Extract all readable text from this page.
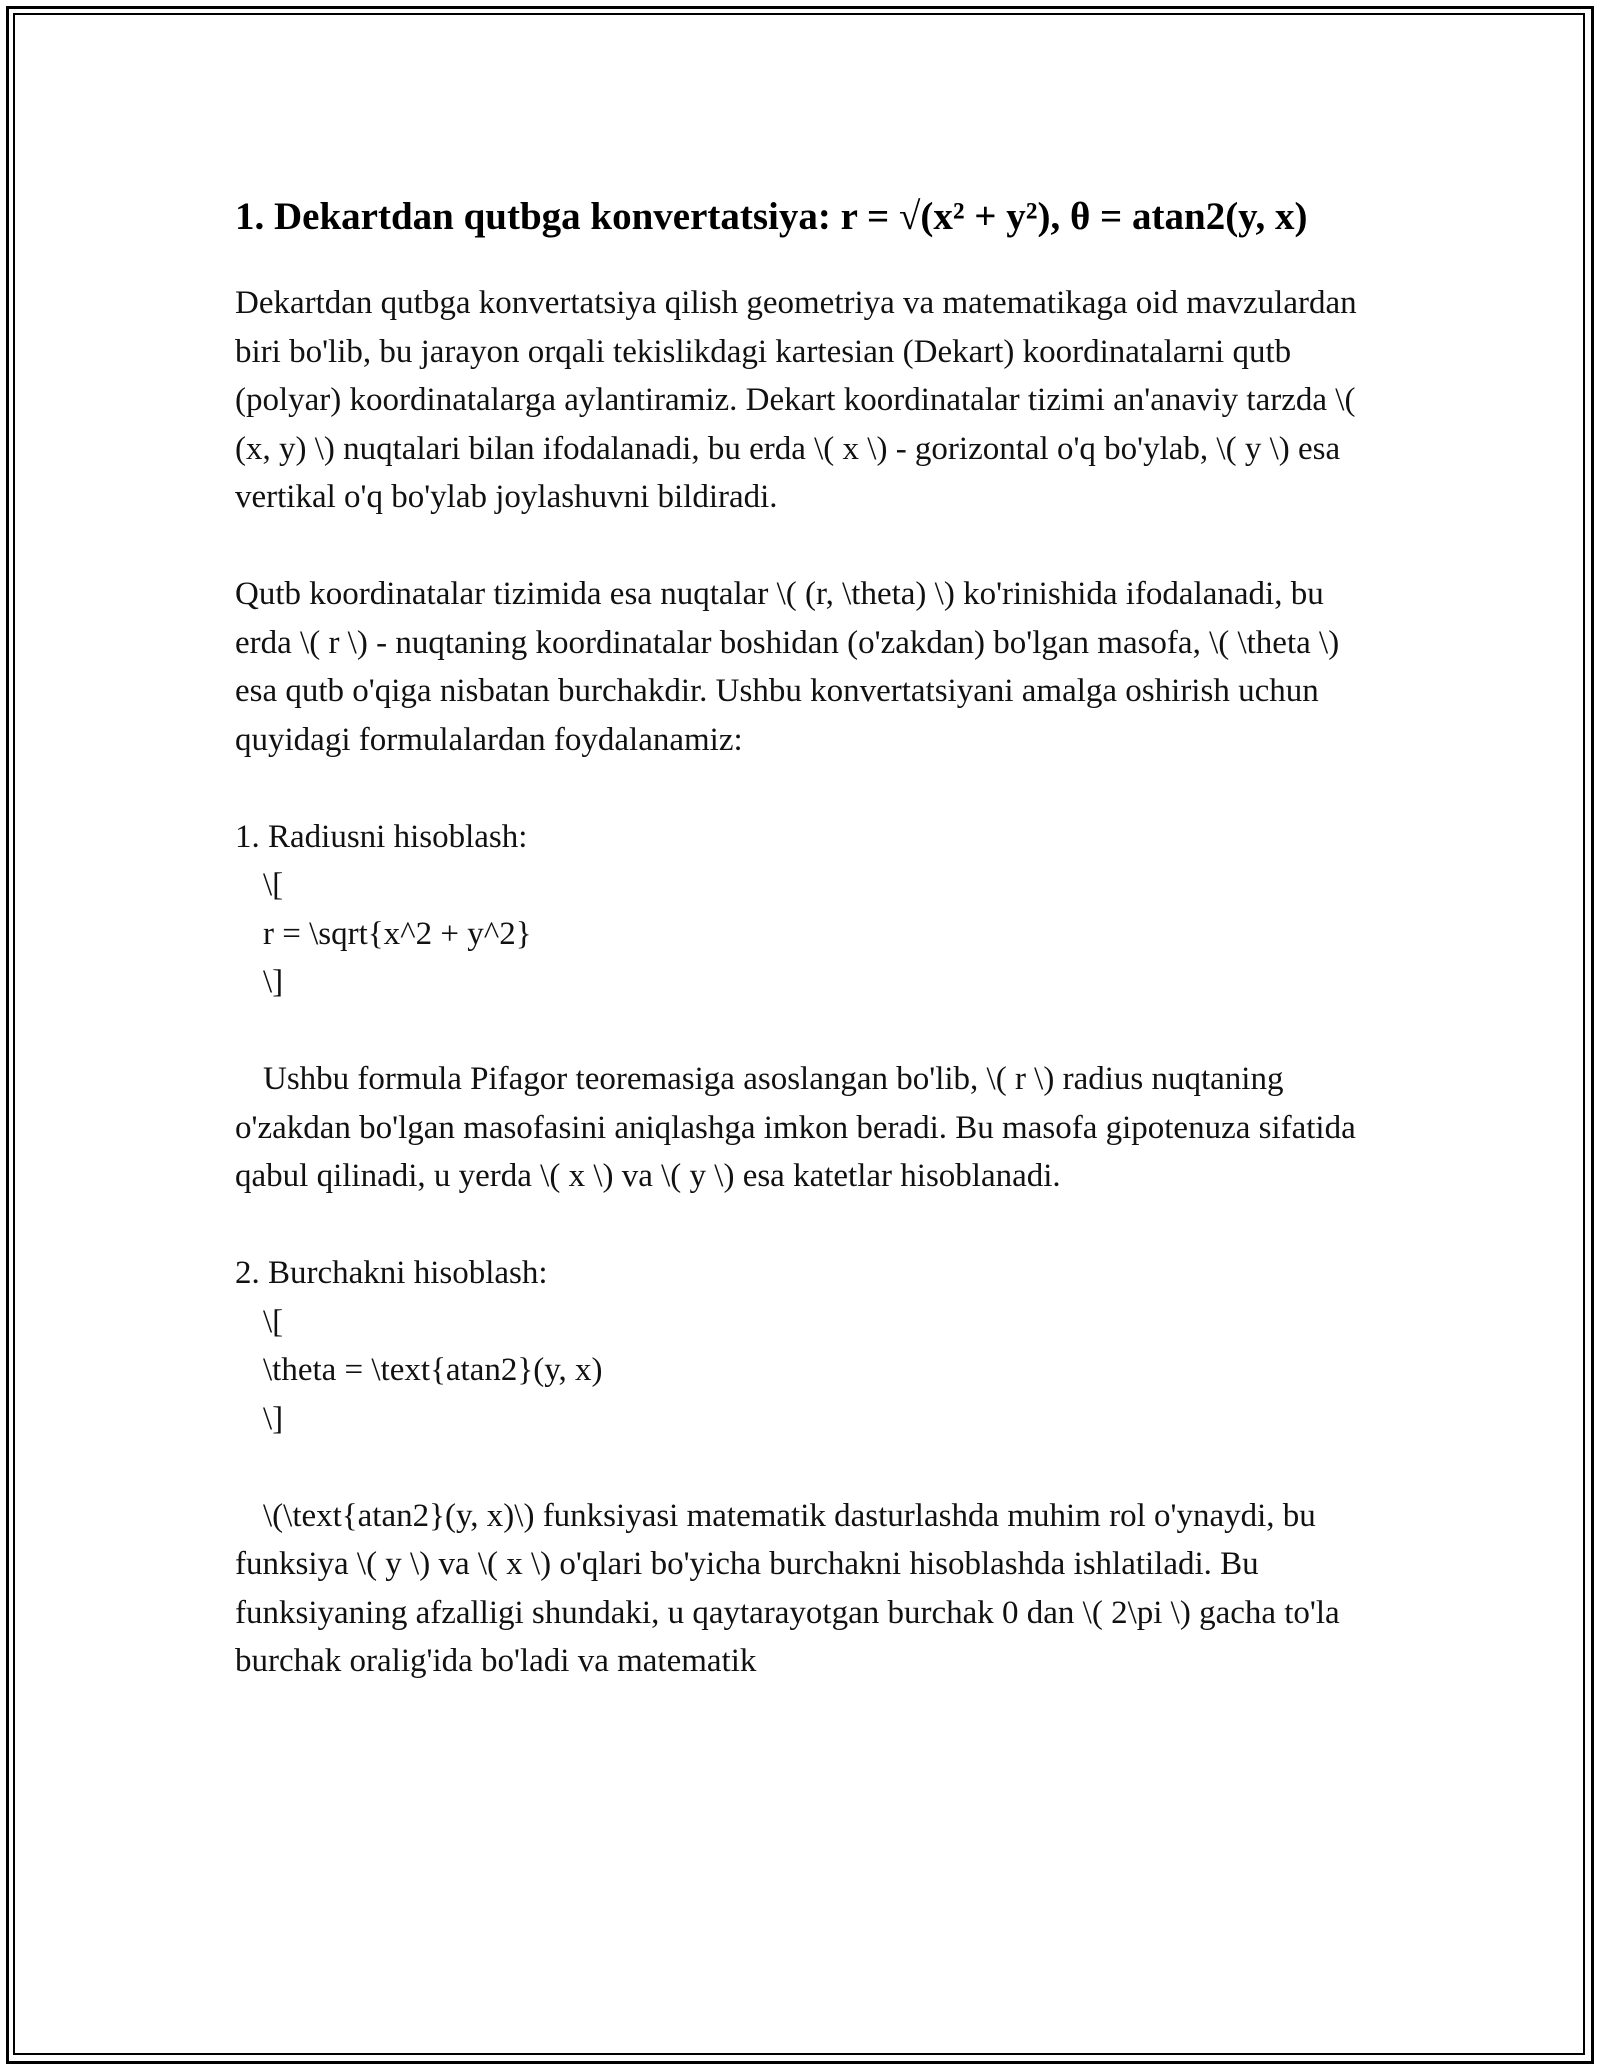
1. Dekartdan qutbga konvertatsiya: r = √(x² + y²), θ = atan2(y, x)

Dekartdan qutbga konvertatsiya qilish geometriya va matematikaga oid mavzulardan biri bo'lib, bu jarayon orqali tekislikdagi kartesian (Dekart) koordinatalarni qutb (polyar) koordinatalarga aylantiramiz. Dekart koordinatalar tizimi an'anaviy tarzda \( (x, y) \) nuqtalari bilan ifodalanadi, bu erda \( x \) - gorizontal o'q bo'ylab, \( y \) esa vertikal o'q bo'ylab joylashuvni bildiradi.

Qutb koordinatalar tizimida esa nuqtalar \( (r, \theta) \) ko'rinishida ifodalanadi, bu erda \( r \) - nuqtaning koordinatalar boshidan (o'zakdan) bo'lgan masofa, \( \theta \) esa qutb o'qiga nisbatan burchakdir. Ushbu konvertatsiyani amalga oshirish uchun quyidagi formulalardan foydalanamiz:

1. Radiusni hisoblash:

\[

r = \sqrt{x^2 + y^2}

\]

Ushbu formula Pifagor teoremasiga asoslangan bo'lib, \( r \) radius nuqtaning o'zakdan bo'lgan masofasini aniqlashga imkon beradi. Bu masofa gipotenuza sifatida qabul qilinadi, u yerda \( x \) va \( y \) esa katetlar hisoblanadi.

2. Burchakni hisoblash:

\[

\theta = \text{atan2}(y, x)

\]

\(\text{atan2}(y, x)\) funksiyasi matematik dasturlashda muhim rol o'ynaydi, bu funksiya \( y \) va \( x \) o'qlari bo'yicha burchakni hisoblashda ishlatiladi. Bu funksiyaning afzalligi shundaki, u qaytarayotgan burchak 0 dan \( 2\pi \) gacha to'la burchak oralig'ida bo'ladi va matematik
